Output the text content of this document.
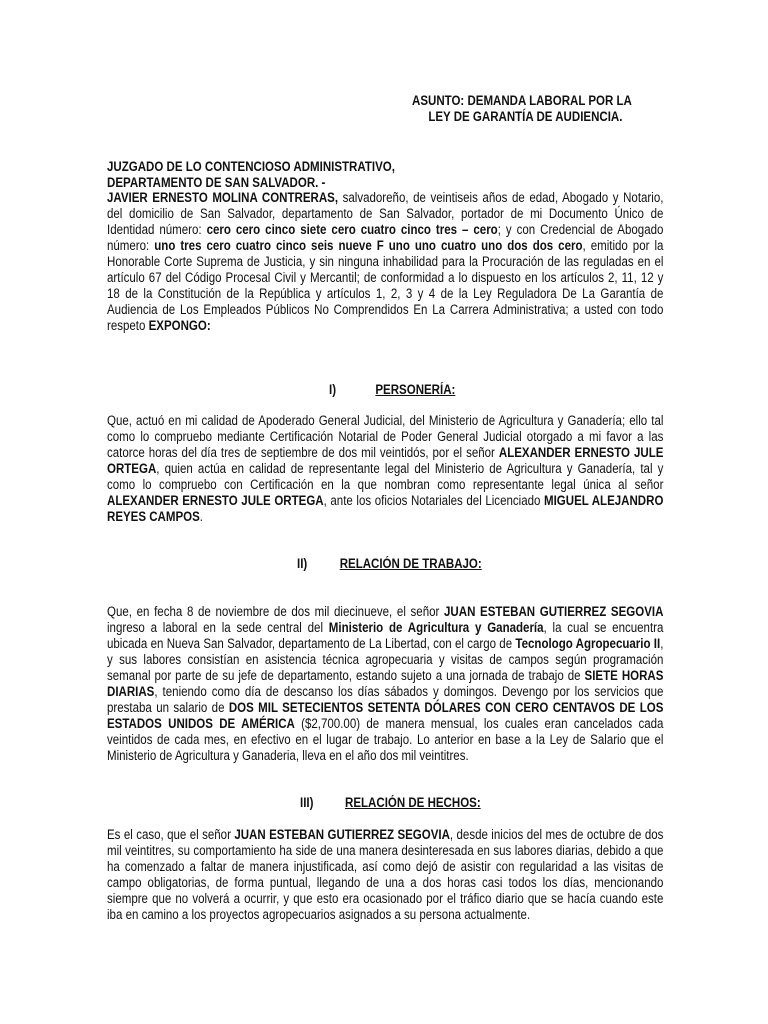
ASUNTO: DEMANDA LABORAL POR LA
LEY DE GARANTÍA DE AUDIENCIA.
JUZGADO DE LO CONTENCIOSO ADMINISTRATIVO,
DEPARTAMENTO DE SAN SALVADOR. -

JAVIER ERNESTO MOLINA CONTRERAS, salvadoreño, de veintiseis años de edad, Abogado y Notario, del domicilio de San Salvador, departamento de San Salvador, portador de mi Documento Único de Identidad número: cero cero cinco siete cero cuatro cinco tres – cero; y con Credencial de Abogado número: uno tres cero cuatro cinco seis nueve F uno uno cuatro uno dos dos cero, emitido por la Honorable Corte Suprema de Justicia, y sin ninguna inhabilidad para la Procuración de las reguladas en el artículo 67 del Código Procesal Civil y Mercantil; de conformidad a lo dispuesto en los artículos 2, 11, 12 y 18 de la Constitución de la República y artículos 1, 2, 3 y 4 de la Ley Reguladora De La Garantía de Audiencia de Los Empleados Públicos No Comprendidos En La Carrera Administrativa; a usted con todo respeto EXPONGO:

I)	PERSONERÍA:

Que, actuó en mi calidad de Apoderado General Judicial, del Ministerio de Agricultura y Ganadería; ello tal como lo compruebo mediante Certificación Notarial de Poder General Judicial otorgado a mi favor a las catorce horas del día tres de septiembre de dos mil veintidós, por el señor ALEXANDER ERNESTO JULE ORTEGA, quien actúa en calidad de representante legal del Ministerio de Agricultura y Ganadería, tal y como lo compruebo con Certificación en la que nombran como representante legal única al señor ALEXANDER ERNESTO JULE ORTEGA, ante los oficios Notariales del Licenciado MIGUEL ALEJANDRO REYES CAMPOS.

II) RELACIÓN DE TRABAJO:

Que, en fecha 8 de noviembre de dos mil diecinueve, el señor JUAN ESTEBAN GUTIERREZ SEGOVIA ingreso a laboral en la sede central del Ministerio de Agricultura y Ganadería, la cual se encuentra ubicada en Nueva San Salvador, departamento de La Libertad, con el cargo de Tecnologo Agropecuario II, y sus labores consistían en asistencia técnica agropecuaria y visitas de campos según programación semanal por parte de su jefe de departamento, estando sujeto a una jornada de trabajo de SIETE HORAS DIARIAS, teniendo como día de descanso los días sábados y domingos. Devengo por los servicios que prestaba un salario de DOS MIL SETECIENTOS SETENTA DÓLARES CON CERO CENTAVOS DE LOS ESTADOS UNIDOS DE AMÉRICA ($2,700.00) de manera mensual, los cuales eran cancelados cada veintidos de cada mes, en efectivo en el lugar de trabajo. Lo anterior en base a la Ley de Salario que el Ministerio de Agricultura y Ganaderia, lleva en el año dos mil veintitres.

III) RELACIÓN DE HECHOS:

Es el caso, que el señor JUAN ESTEBAN GUTIERREZ SEGOVIA, desde inicios del mes de octubre de dos mil veintitres, su comportamiento ha side de una manera desinteresada en sus labores diarias, debido a que ha comenzado a faltar de manera injustificada, así como dejó de asistir con regularidad a las visitas de campo obligatorias, de forma puntual, llegando de una a dos horas casi todos los días, mencionando siempre que no volverá a ocurrir, y que esto era ocasionado por el tráfico diario que se hacía cuando este iba en camino a los proyectos agropecuarios asignados a su persona actualmente.
